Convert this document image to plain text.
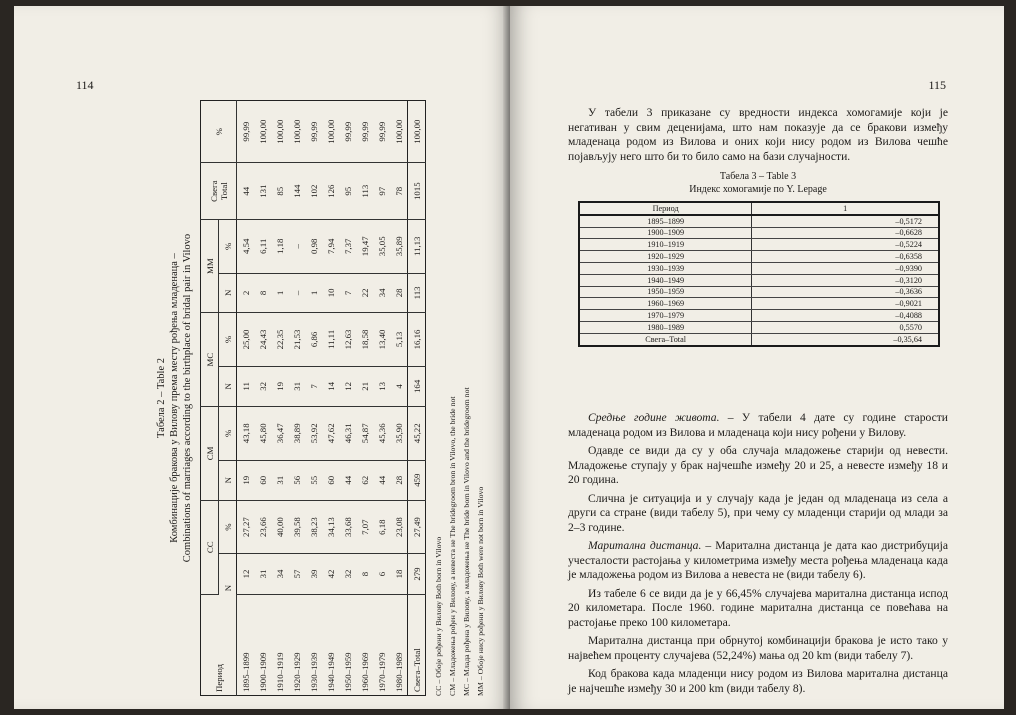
114
Табела 2 – Table 2 Комбинације бракова у Вилову према месту рођења младенаца – Combinations of marriages according to the birthplace of bridal pair in Vilovo
Период	CC		CM		MC		MM		Свега Total	%
	N	%	N	%	N	%	N	%		
1895–1899	12	27,27	19	43,18	11	25,00	2	4,54	44	99,99
1900–1909	31	23,66	60	45,80	32	24,43	8	6,11	131	100,00
1910–1919	34	40,00	31	36,47	19	22,35	1	1,18	85	100,00
1920–1929	57	39,58	56	38,89	31	21,53	–	–	144	100,00
1930–1939	39	38,23	55	53,92	7	6,86	1	0,98	102	99,99
1940–1949	42	34,13	60	47,62	14	11,11	10	7,94	126	100,00
1950–1959	32	33,68	44	46,31	12	12,63	7	7,37	95	99,99
1960–1969	8	7,07	62	54,87	21	18,58	22	19,47	113	99,99
1970–1979	6	6,18	44	45,36	13	13,40	34	35,05	97	99,99
1980–1989	18	23,08	28	35,90	4	5,13	28	35,89	78	100,00
Свега–Total	279	27,49	459	45,22	164	16,16	113	11,13	1015	100,00
CC – Обоје рођени у Вилову Both born in Vilovo CM – Младожења рођен у Вилову, а невеста не The bridegroom bron in Vilovo, the bride not MC – Млада рођена у Вилову, а младожења не The bride born in Vilovo and the bridegroom not MM – Обоје нису рођени у Вилову Both were not born in Vilovo
115

У табели 3 приказане су вредности индекса хомогамије који је негативан у свим деценијама, што нам показује да се бракови између младенаца родом из Вилова и оних који нису родом из Вилова чешће појављују него што би то било само на бази случајности.

Табела 3 – Table 3
Индекс хомогамије по Y. Lepage
Период	1
1895–1899	–0,5172
1900–1909	–0,6628
1910–1919	–0,5224
1920–1929	–0,6358
1930–1939	–0,9390
1940–1949	–0,3120
1950–1959	–0,3636
1960–1969	–0,9021
1970–1979	–0,4088
1980–1989	0,5570
Свега–Total	–0,35,64

Средње године живота. – У табели 4 дате су године старости младенаца родом из Вилова и младенаца који нису рођени у Вилову.

Одавде се види да су у оба случаја младожење старији од невести. Младожење ступају у брак најчешће између 20 и 25, а невесте између 18 и 20 година.

Слична је ситуација и у случају када је један од младенаца из села а други са стране (види табелу 5), при чему су младенци старији од млади за 2–3 године.

Маритална дистанца. – Маритална дистанца је дата као дистрибуција учесталости растојања у километрима између места рођења младенаца када је младожења родом из Вилова а невеста не (види табелу 6).

Из табеле 6 се види да је у 66,45% случајева маритална дистанца испод 20 километара. После 1960. године маритална дистанца се повећава на растојање преко 100 километара.

Маритална дистанца при обрнутој комбинацији бракова је исто тако у највећем проценту случајева (52,24%) мања од 20 km (види табелу 7).

Код бракова када младенци нису родом из Вилова маритална дистанца је најчешће између 30 и 200 km (види табелу 8).
